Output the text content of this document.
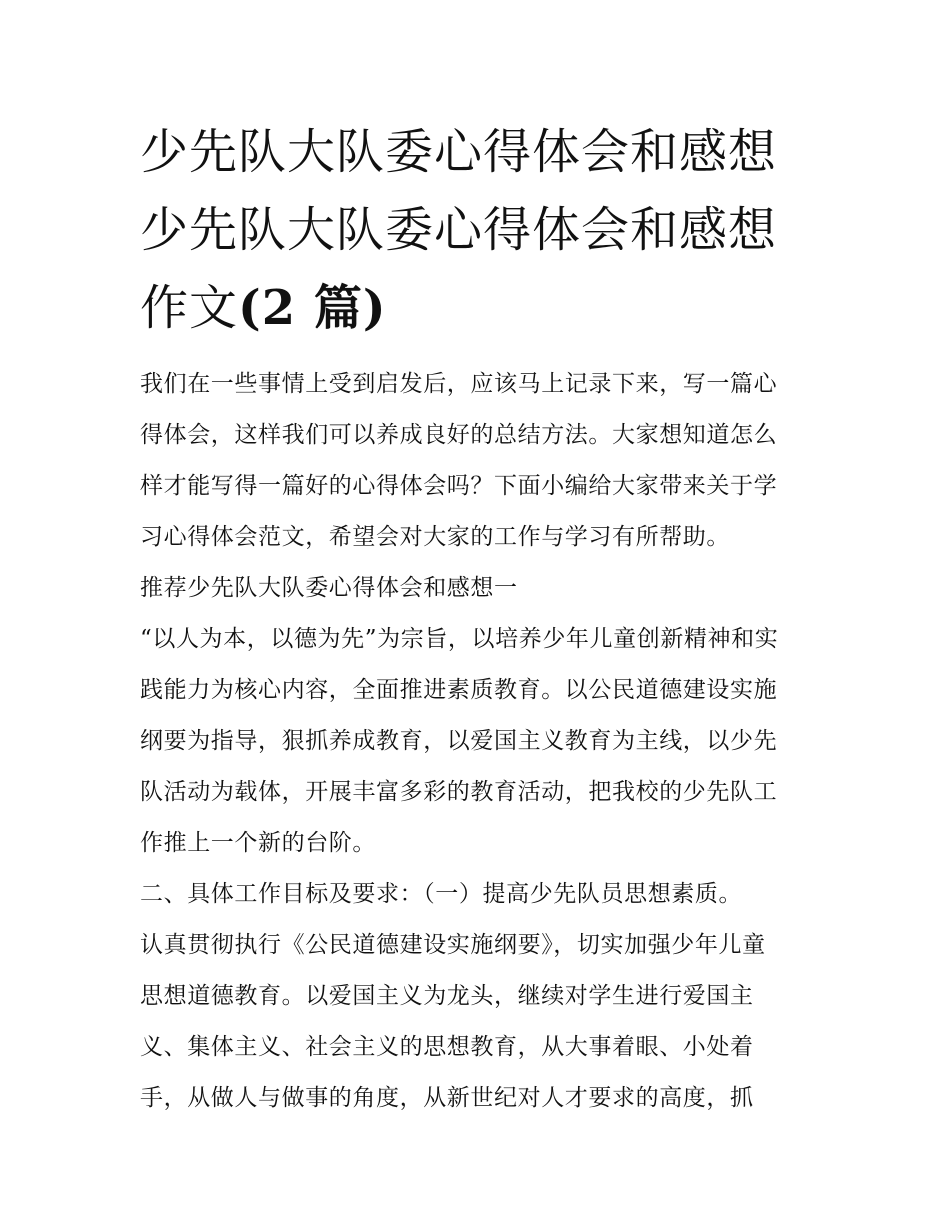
少先队大队委心得体会和感想
少先队大队委心得体会和感想
作文(2 篇)

我们在一些事情上受到启发后，应该马上记录下来，写一篇心
得体会，这样我们可以养成良好的总结方法。大家想知道怎么
样才能写得一篇好的心得体会吗？下面小编给大家带来关于学
习心得体会范文，希望会对大家的工作与学习有所帮助。

推荐少先队大队委心得体会和感想一

“以人为本，以德为先”为宗旨，以培养少年儿童创新精神和实
践能力为核心内容，全面推进素质教育。以公民道德建设实施
纲要为指导，狠抓养成教育，以爱国主义教育为主线，以少先
队活动为载体，开展丰富多彩的教育活动，把我校的少先队工
作推上一个新的台阶。

二、具体工作目标及要求：（一）提高少先队员思想素质。

认真贯彻执行《公民道德建设实施纲要》，切实加强少年儿童
思想道德教育。以爱国主义为龙头，继续对学生进行爱国主
义、集体主义、社会主义的思想教育，从大事着眼、小处着
手，从做人与做事的角度，从新世纪对人才要求的高度，抓
